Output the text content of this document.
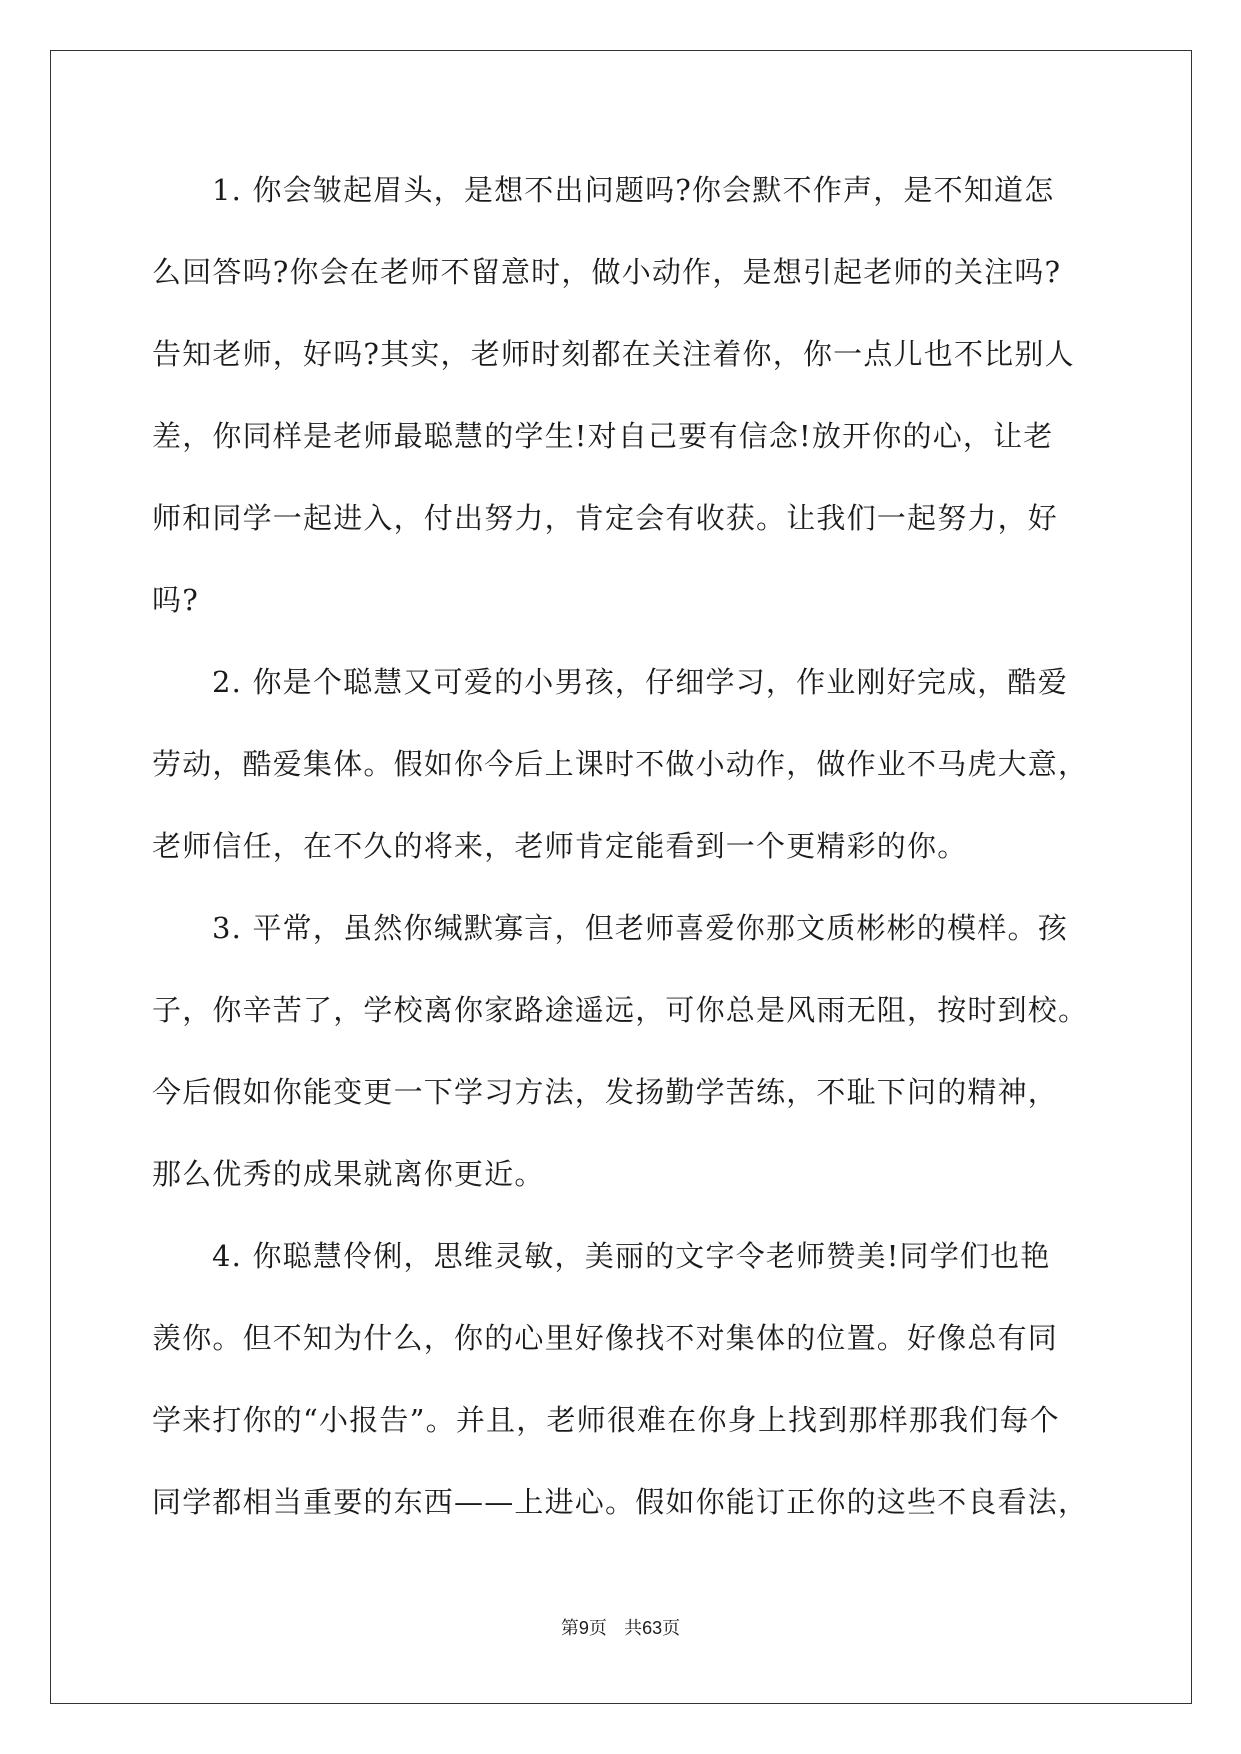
1. 你会皱起眉头，是想不出问题吗?你会默不作声，是不知道怎
么回答吗?你会在老师不留意时，做小动作，是想引起老师的关注吗?
告知老师，好吗?其实，老师时刻都在关注着你，你一点儿也不比别人
差，你同样是老师最聪慧的学生!对自己要有信念!放开你的心，让老
师和同学一起进入，付出努力，肯定会有收获。让我们一起努力，好
吗?
2. 你是个聪慧又可爱的小男孩，仔细学习，作业刚好完成，酷爱
劳动，酷爱集体。假如你今后上课时不做小动作，做作业不马虎大意，
老师信任，在不久的将来，老师肯定能看到一个更精彩的你。
3. 平常，虽然你缄默寡言，但老师喜爱你那文质彬彬的模样。孩
子，你辛苦了，学校离你家路途遥远，可你总是风雨无阻，按时到校。
今后假如你能变更一下学习方法，发扬勤学苦练，不耻下问的精神，
那么优秀的成果就离你更近。
4. 你聪慧伶俐，思维灵敏，美丽的文字令老师赞美!同学们也艳
羡你。但不知为什么，你的心里好像找不对集体的位置。好像总有同
学来打你的“小报告”。并且，老师很难在你身上找到那样那我们每个
同学都相当重要的东西——上进心。假如你能订正你的这些不良看法，
第9页 共63页
